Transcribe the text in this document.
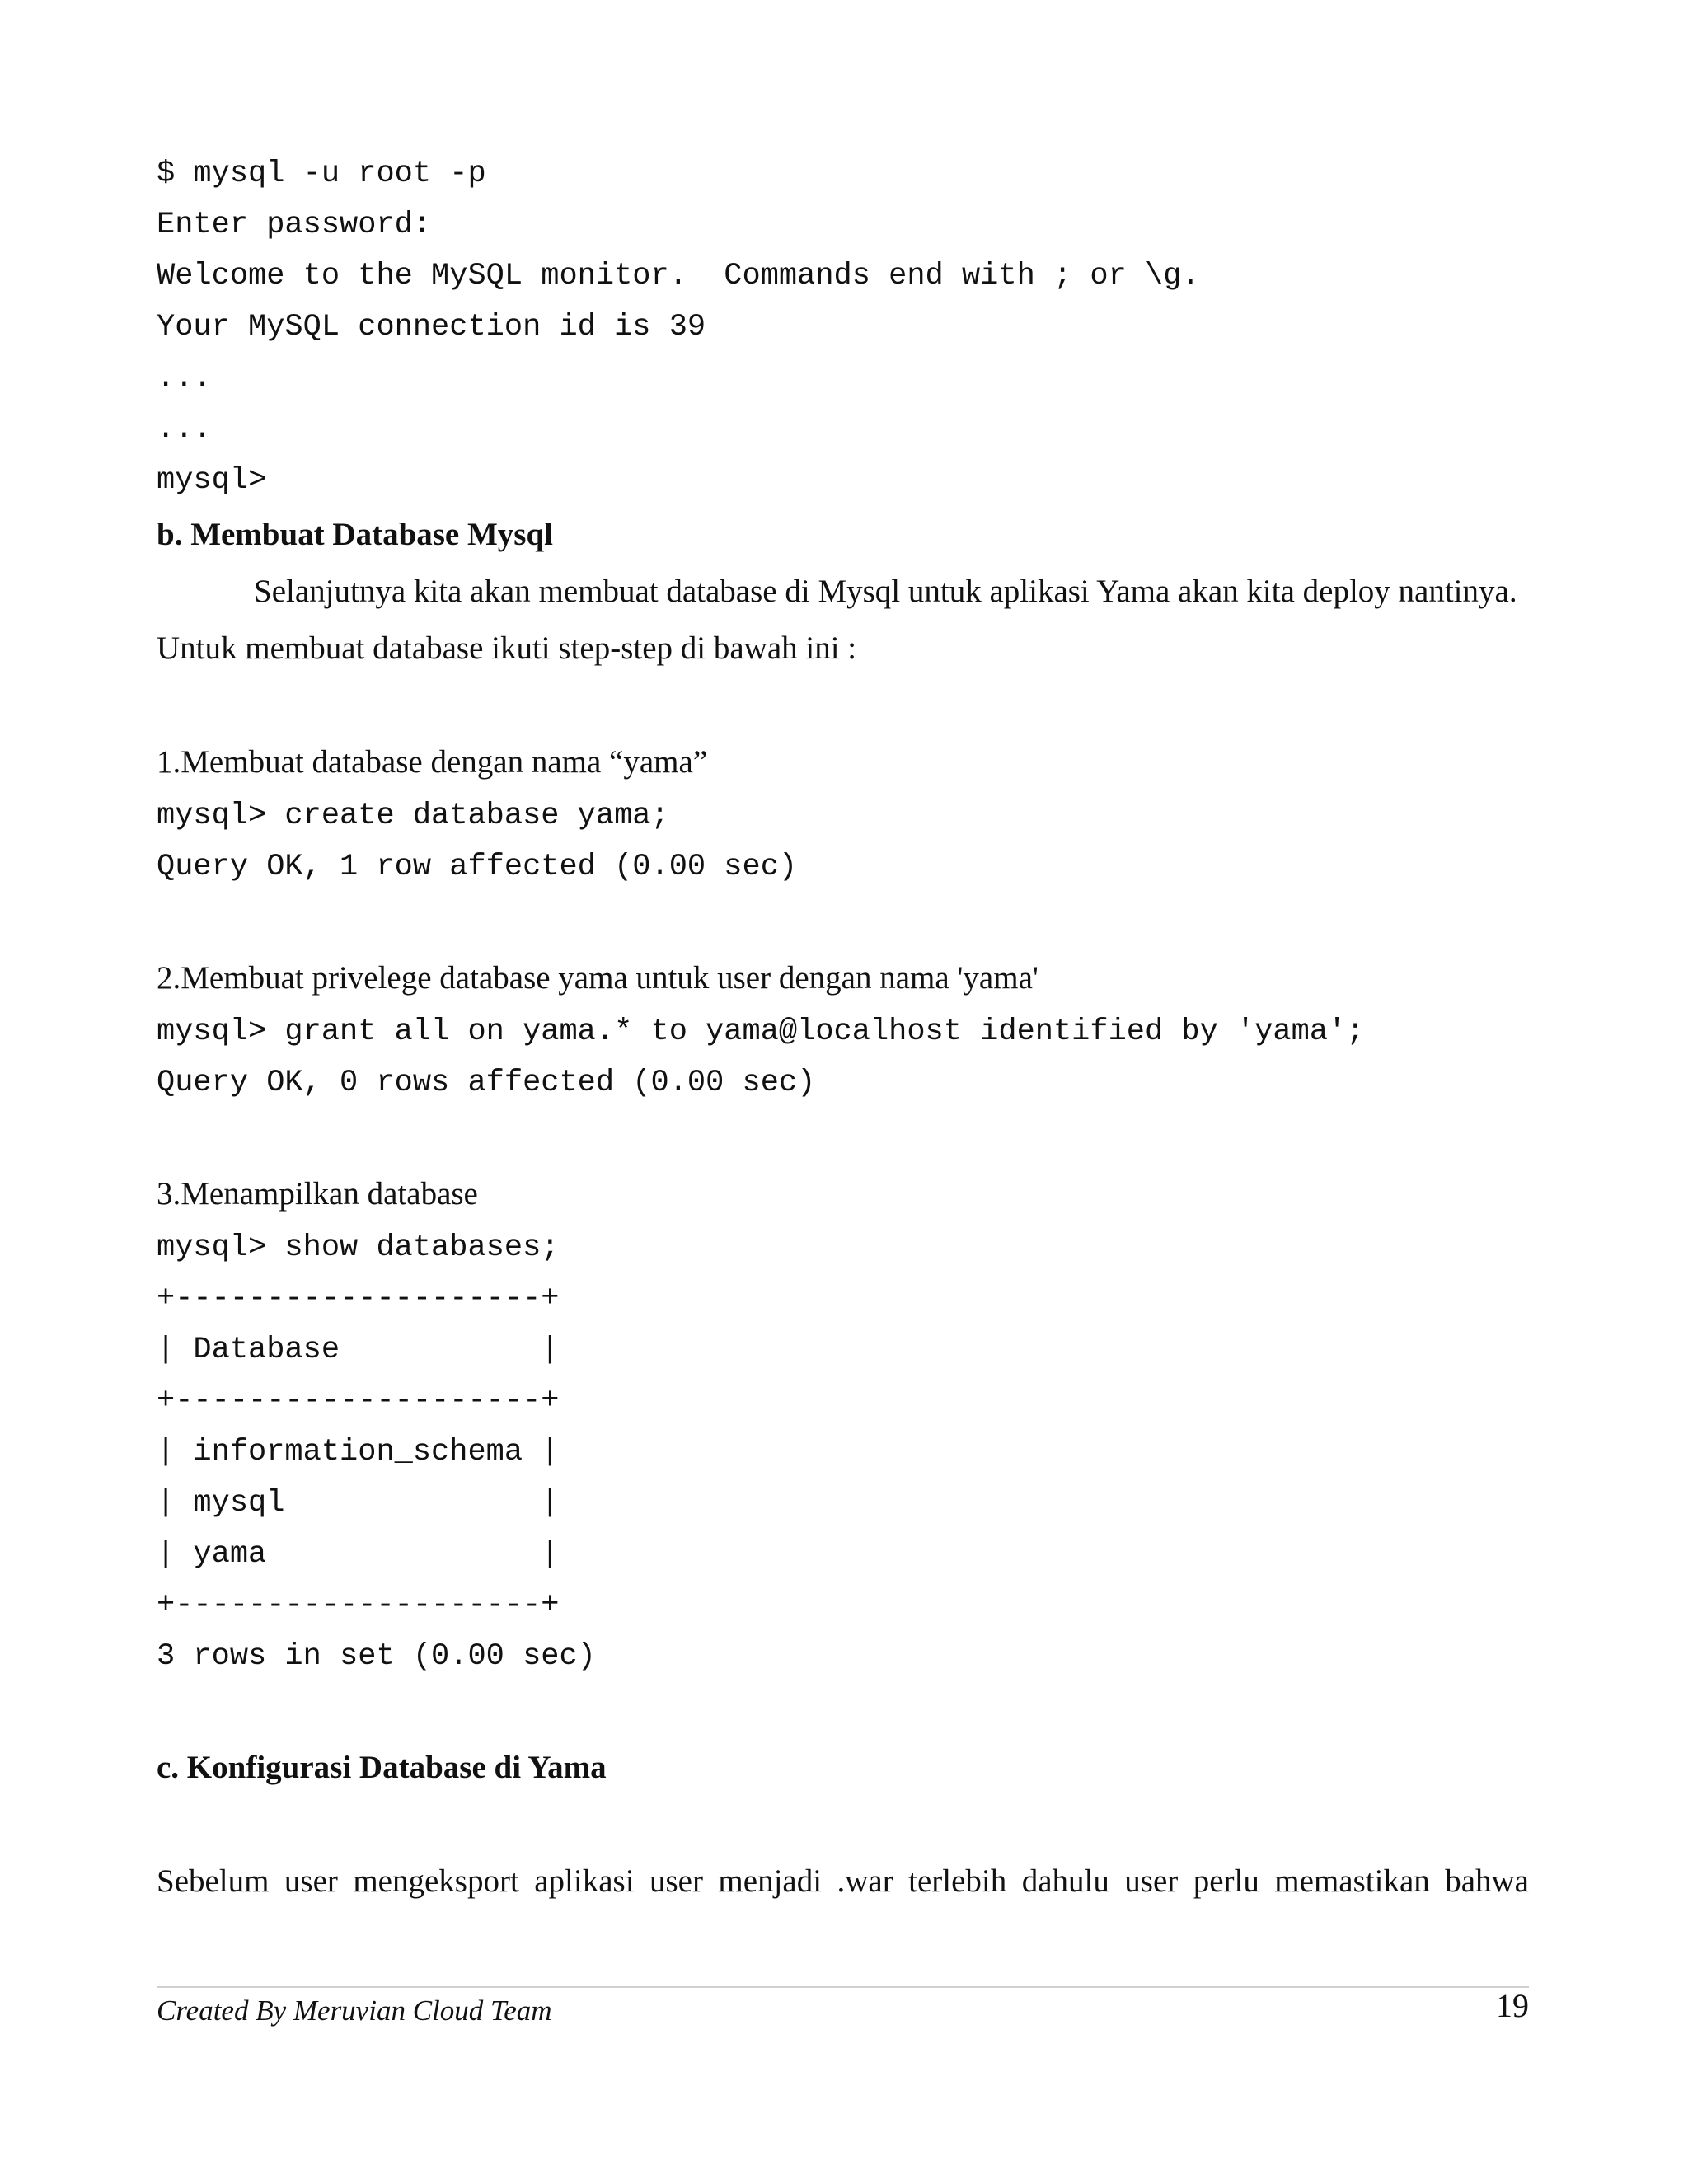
$ mysql -u root -p
Enter password:
Welcome to the MySQL monitor.  Commands end with ; or \g.
Your MySQL connection id is 39
...
...
mysql>
b. Membuat Database Mysql

Selanjutnya kita akan membuat database di Mysql untuk aplikasi Yama akan kita deploy nantinya.

Untuk membuat database ikuti step-step di bawah ini :

1.Membuat database dengan nama “yama”

mysql> create database yama;
Query OK, 1 row affected (0.00 sec)

2.Membuat privelege database yama untuk user dengan nama 'yama'

mysql> grant all on yama.* to yama@localhost identified by 'yama';
Query OK, 0 rows affected (0.00 sec)

3.Menampilkan database

mysql> show databases;
+--------------------+
| Database           |
+--------------------+
| information_schema |
| mysql              |
| yama               |
+--------------------+
3 rows in set (0.00 sec)
c. Konfigurasi Database di Yama

Sebelum user mengeksport aplikasi user menjadi .war terlebih dahulu user perlu memastikan bahwa

Created By Meruvian Cloud Team	19
